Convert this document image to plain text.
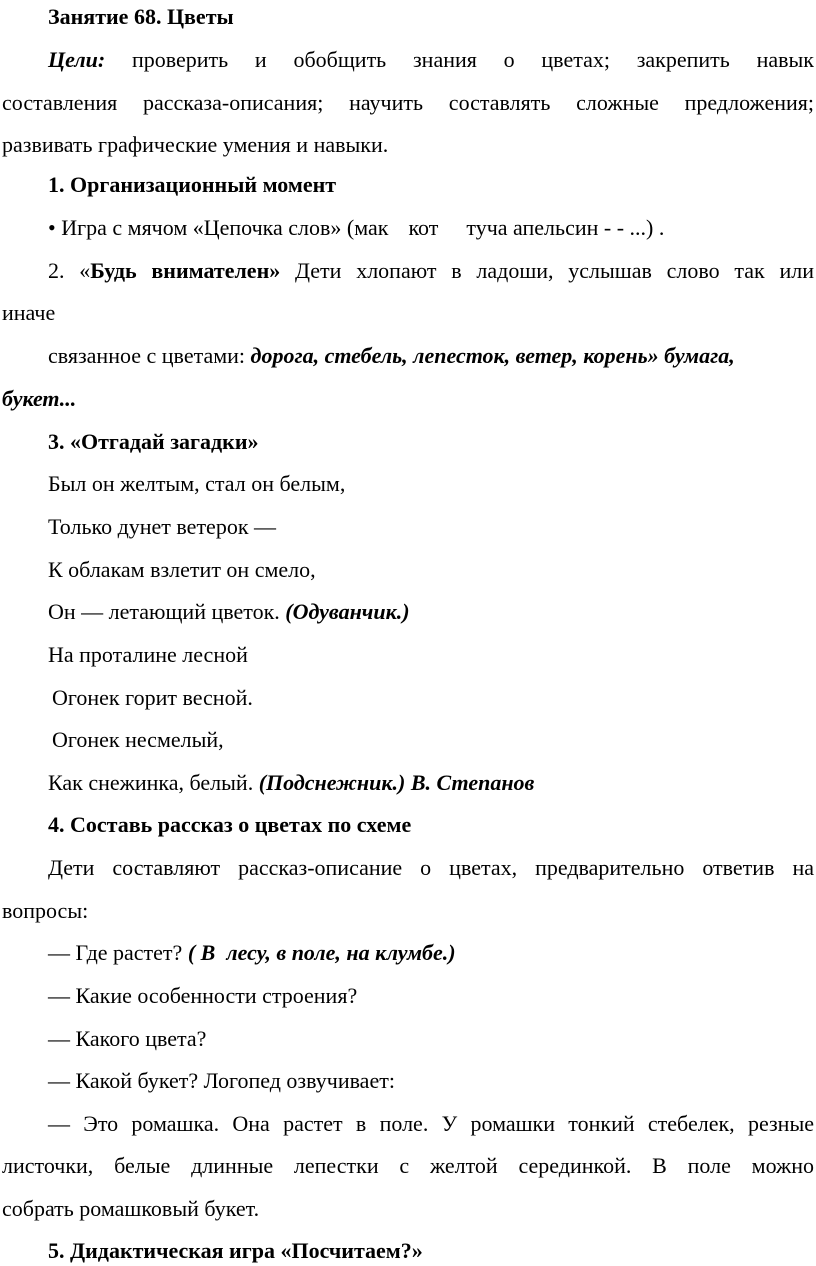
Занятие 68. Цветы
Цели: проверить и обобщить знания о цветах; закрепить навык
составления рассказа-описания; научить составлять сложные предложения;
развивать графические умения и навыки.
1. Организационный момент
• Игра с мячом «Цепочка слов» (мак кот туча апельсин - - ...) .
2. «Будь внимателен» Дети хлопают в ладоши, услышав слово так или
иначе
связанное с цветами: дорога, стебель, лепесток, ветер, корень» бумага,
букет...
3. «Отгадай загадки»
Был он желтым, стал он белым,
Только дунет ветерок —
К облакам взлетит он смело,
Он — летающий цветок. (Одуванчик.)
На проталине лесной
Огонек горит весной.
Огонек несмелый,
Как снежинка, белый. (Подснежник.) В. Степанов
4. Составь рассказ о цветах по схеме
Дети составляют рассказ-описание о цветах, предварительно ответив на
вопросы:
— Где растет? ( В  лесу, в поле, на клумбе.)
— Какие особенности строения?
— Какого цвета?
— Какой букет? Логопед озвучивает:
— Это ромашка. Она растет в поле. У ромашки тонкий стебелек, резные
листочки, белые длинные лепестки с желтой серединкой. В поле можно
собрать ромашковый букет.
5. Дидактическая игра «Посчитаем?»
